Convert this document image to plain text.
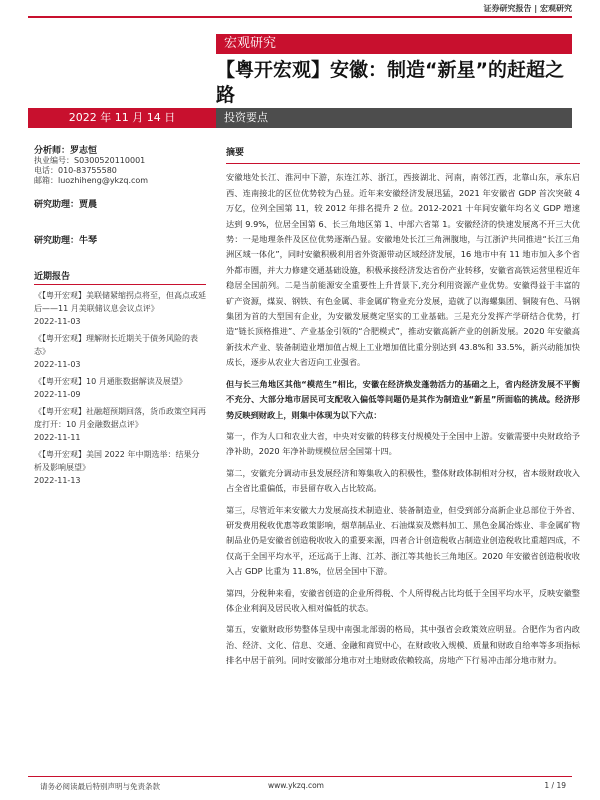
证券研究报告 | 宏观研究
宏观研究
【粤开宏观】安徽：制造“新星”的赶超之路
2022 年 11 月 14 日	投资要点
分析师：罗志恒
执业编号：S0300520110001
电话：010-83755580
邮箱：luozhiheng@ykzq.com
研究助理：贾晨
研究助理：牛琴
近期报告
《【粤开宏观】美联储紧缩拐点将至，但高点或延后——11 月美联储议息会议点评》
2022-11-03
《【粤开宏观】理解财长近期关于债务风险的表态》
2022-11-03
《【粤开宏观】10 月通胀数据解读及展望》
2022-11-09
《【粤开宏观】社融超预期回落，货币政策空间再度打开：10 月金融数据点评》
2022-11-11
《【粤开宏观】美国 2022 年中期选举：结果分析及影响展望》
2022-11-13
摘要

安徽地处长江、淮河中下游，东连江苏、浙江，西接湖北、河南，南邻江西，北靠山东，承东启西、连南接北的区位优势较为凸显。近年来安徽经济发展迅猛，2021 年安徽省 GDP 首次突破 4 万亿，位列全国第 11，较 2012 年排名提升 2 位。2012-2021 十年间安徽年均名义 GDP 增速达到 9.9%，位居全国第 6、长三角地区第 1、中部六省第 1。安徽经济的快速发展离不开三大优势：一是地理条件及区位优势逐渐凸显。安徽地处长江三角洲腹地，与江浙沪共同推进“长江三角洲区域一体化”，同时安徽积极利用省外资源带动区域经济发展，16 地市中有 11 地市加入多个省外都市圈，并大力修建交通基础设施，积极承接经济发达省份产业转移，安徽省高铁运营里程近年稳居全国前列。二是当前能源安全重要性上升背景下,充分利用资源产业优势。安徽得益于丰富的矿产资源，煤炭、钢铁、有色金属、非金属矿物业充分发展，造就了以海螺集团、铜陵有色、马钢集团为首的大型国有企业，为安徽发展奠定坚实的工业基础。三是充分发挥产学研结合优势，打造“链长顶格推进”、产业基金引领的“合肥模式”，推动安徽高新产业的创新发展。2020 年安徽高新技术产业、装备制造业增加值占规上工业增加值比重分别达到 43.8%和 33.5%，新兴动能加快成长，逐步从农业大省迈向工业强省。

但与长三角地区其他“模范生”相比，安徽在经济焕发蓬勃活力的基础之上，省内经济发展不平衡不充分、大部分地市居民可支配收入偏低等问题仍是其作为制造业“新星”所面临的挑战。经济形势反映到财政上，则集中体现为以下六点：

第一，作为人口和农业大省，中央对安徽的转移支付规模处于全国中上游。安徽需要中央财政给予净补助，2020 年净补助规模位居全国第十四。

第二，安徽充分调动市县发展经济和筹集收入的积极性，整体财政体制相对分权，省本级财政收入占全省比重偏低，市县留存收入占比较高。

第三，尽管近年来安徽大力发展高技术制造业、装备制造业，但受到部分高新企业总部位于外省、研发费用税收优惠等政策影响，烟草制品业、石油煤炭及燃料加工、黑色金属冶炼业、非金属矿物制品业仍是安徽省创造税收收入的重要来源，四者合计创造税收占制造业创造税收比重超四成，不仅高于全国平均水平，还远高于上海、江苏、浙江等其他长三角地区。2020 年安徽省创造税收收入占 GDP 比重为 11.8%，位居全国中下游。

第四，分税种来看，安徽省创造的企业所得税、个人所得税占比均低于全国平均水平，反映安徽整体企业利润及居民收入相对偏低的状态。

第五，安徽财政形势整体呈现中南强北部弱的格局，其中强省会政策效应明显。合肥作为省内政治、经济、文化、信息、交通、金融和商贸中心，在财政收入规模、质量和财政自给率等多项指标排名中居于前列。同时安徽部分地市对土地财政依赖较高，房地产下行易冲击部分地市财力。

请务必阅读最后特别声明与免责条款	www.ykzq.com	1 / 19
